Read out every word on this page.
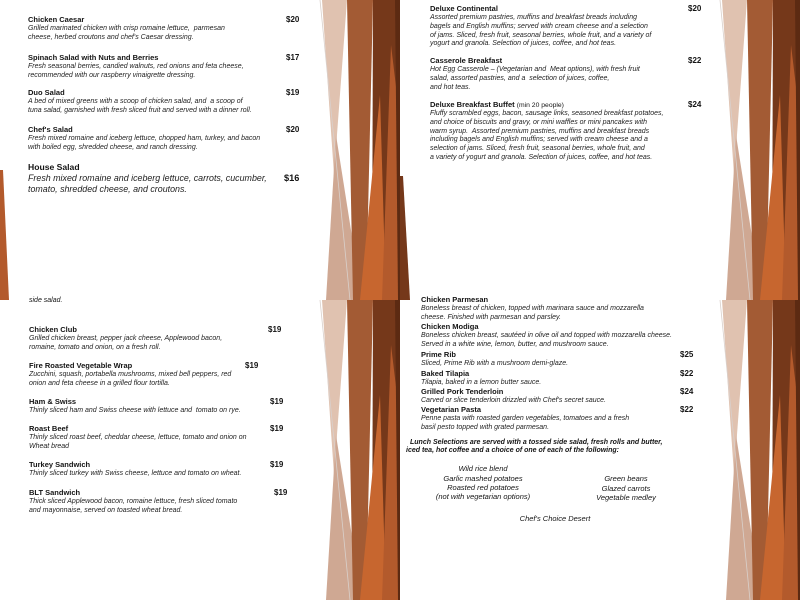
Chicken Caesar	$20
Grilled marinated chicken with crisp romaine lettuce,  parmesan
cheese, herbed croutons and chef's Caesar dressing.
Spinach Salad with Nuts and Berries	$17
Fresh seasonal berries, candied walnuts, red onions and feta cheese,
recommended with our raspberry vinaigrette dressing.
Duo Salad	$19
A bed of mixed greens with a scoop of chicken salad, and  a scoop of
tuna salad, garnished with fresh sliced fruit and served with a dinner roll.
Chef's Salad	$20
Fresh mixed romaine and iceberg lettuce, chopped ham, turkey, and bacon
with boiled egg, shredded cheese, and ranch dressing.
House Salad
$16
Fresh mixed romaine and iceberg lettuce, carrots, cucumber,
tomato, shredded cheese, and croutons.
Deluxe Continental	$20
Assorted premium pastries, muffins and breakfast breads including
bagels and English muffins; served with cream cheese and a selection
of jams. Sliced, fresh fruit, seasonal berries, whole fruit, and a variety of
yogurt and granola. Selection of juices, coffee, and hot teas.
Casserole Breakfast	$22
Hot Egg Casserole – (Vegetarian and  Meat options), with fresh fruit
salad, assorted pastries, and a  selection of juices, coffee,
and hot teas.
Deluxe Breakfast Buffet (min 20 people)	$24
Fluffy scrambled eggs, bacon, sausage links, seasoned breakfast potatoes,
and choice of biscuits and gravy, or mini waffles or mini pancakes with
warm syrup.  Assorted premium pastries, muffins and breakfast breads
including bagels and English muffins; served with cream cheese and a
selection of jams. Sliced, fresh fruit, seasonal berries, whole fruit, and
a variety of yogurt and granola. Selection of juices, coffee, and hot teas.
side salad.
Chicken Club	$19
Grilled chicken breast, pepper jack cheese, Applewood bacon,
romaine, tomato and onion, on a fresh roll.
Fire Roasted Vegetable Wrap	$19
Zucchini, squash, portabella mushrooms, mixed bell peppers, red
onion and feta cheese in a grilled flour tortilla.
Ham & Swiss	$19
Thinly sliced ham and Swiss cheese with lettuce and  tomato on rye.
Roast Beef	$19
Thinly sliced roast beef, cheddar cheese, lettuce, tomato and onion on
Wheat bread
Turkey Sandwich	$19
Thinly sliced turkey with Swiss cheese, lettuce and tomato on wheat.
BLT Sandwich	$19
Thick sliced Applewood bacon, romaine lettuce, fresh sliced tomato
and mayonnaise, served on toasted wheat bread.
Chicken Parmesan
Boneless breast of chicken, topped with marinara sauce and mozzarella
cheese. Finished with parmesan and parsley.
Chicken Modiga
Boneless chicken breast, sautéed in olive oil and topped with mozzarella cheese.
Served in a white wine, lemon, butter, and mushroom sauce.
Prime Rib	$25
Sliced, Prime Rib with a mushroom demi-glaze.
Baked Tilapia	$22
Tilapia, baked in a lemon butter sauce.
Grilled Pork Tenderloin	$24
Carved or slice tenderloin drizzled with Chef's secret sauce.
Vegetarian Pasta	$22
Penne pasta with roasted garden vegetables, tomatoes and a fresh
basil pesto topped with grated parmesan.
Lunch Selections are served with a tossed side salad, fresh rolls and butter,
iced tea, hot coffee and a choice of one of each of the following:
Wild rice blend
Garlic mashed potatoes
Roasted red potatoes
(not with vegetarian options)
Green beans
Glazed carrots
Vegetable medley
Chef's Choice Desert
